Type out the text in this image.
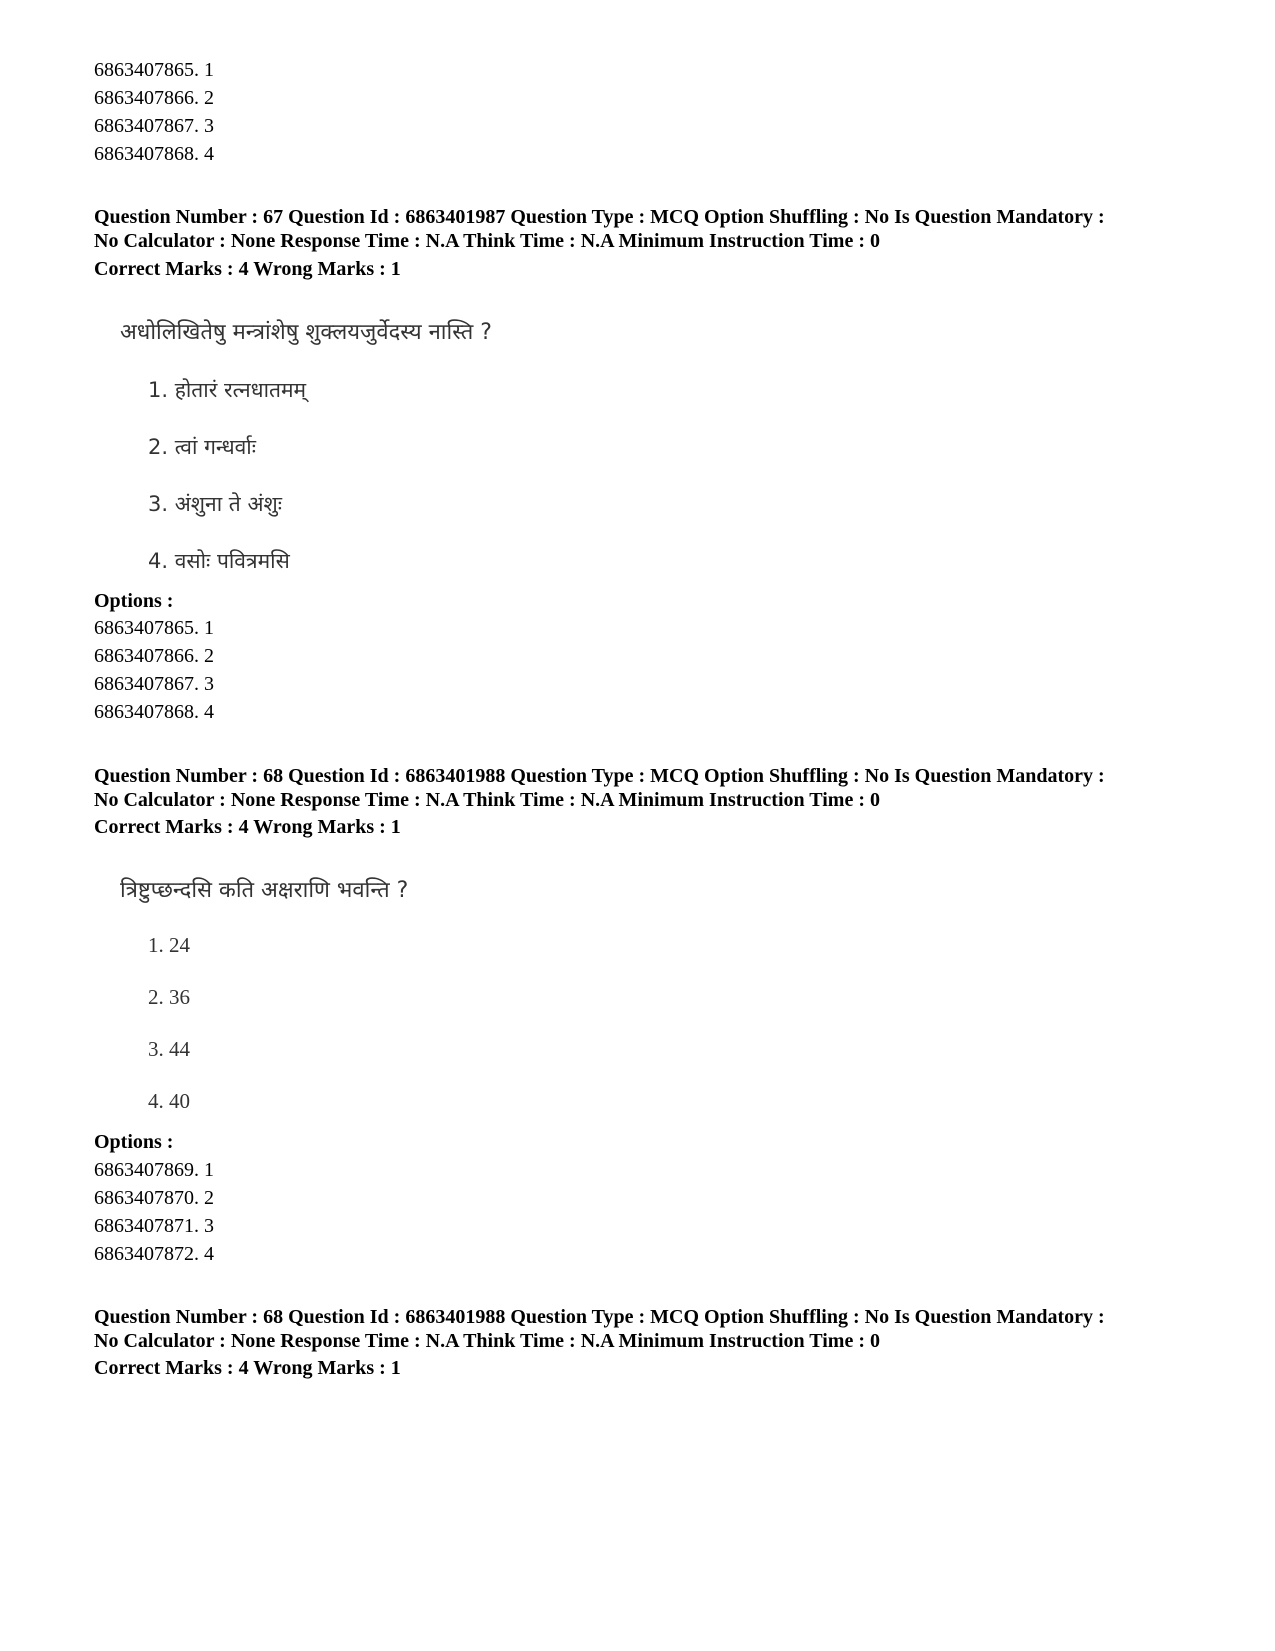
6863407865. 1
6863407866. 2
6863407867. 3
6863407868. 4
Question Number : 67 Question Id : 6863401987 Question Type : MCQ Option Shuffling : No Is Question Mandatory :
No Calculator : None Response Time : N.A Think Time : N.A Minimum Instruction Time : 0
Correct Marks : 4 Wrong Marks : 1
अधोलिखितेषु मन्त्रांशेषु शुक्लयजुर्वेदस्य नास्ति ?
1. होतारं रत्नधातमम्
2. त्वां गन्धर्वाः
3. अंशुना ते अंशुः
4. वसोः पवित्रमसि
Options :
6863407865. 1
6863407866. 2
6863407867. 3
6863407868. 4
Question Number : 68 Question Id : 6863401988 Question Type : MCQ Option Shuffling : No Is Question Mandatory :
No Calculator : None Response Time : N.A Think Time : N.A Minimum Instruction Time : 0
Correct Marks : 4 Wrong Marks : 1
त्रिष्टुप्छन्दसि कति अक्षराणि भवन्ति ?
1. 24
2. 36
3. 44
4. 40
Options :
6863407869. 1
6863407870. 2
6863407871. 3
6863407872. 4
Question Number : 68 Question Id : 6863401988 Question Type : MCQ Option Shuffling : No Is Question Mandatory :
No Calculator : None Response Time : N.A Think Time : N.A Minimum Instruction Time : 0
Correct Marks : 4 Wrong Marks : 1
